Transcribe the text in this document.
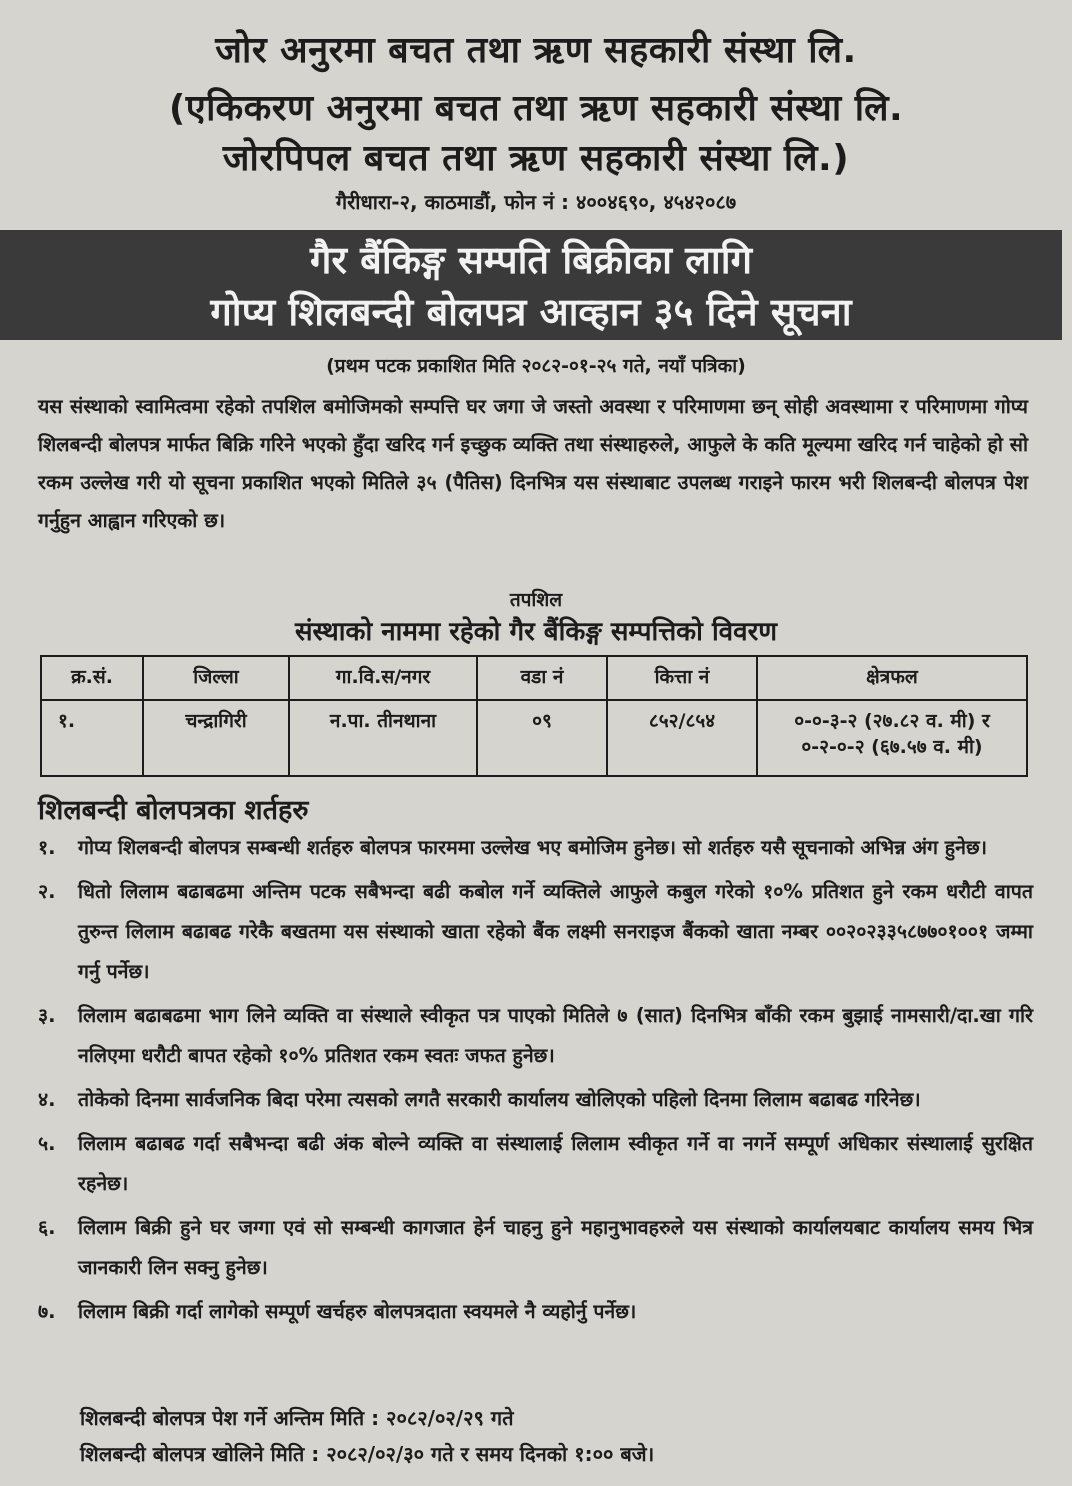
जोर अनुरमा बचत तथा ऋण सहकारी संस्था लि.
(एकिकरण अनुरमा बचत तथा ऋण सहकारी संस्था लि.
जोरपिपल बचत तथा ऋण सहकारी संस्था लि.)
गैरीधारा-२, काठमाडौं, फोन नं : ४००४६९०, ४५४२०८७
गैर बैंकिङ्ग सम्पति बिक्रीका लागि
गोप्य शिलबन्दी बोलपत्र आव्हान ३५ दिने सूचना
(प्रथम पटक प्रकाशित मिति २०८२-०१-२५ गते, नयाँ पत्रिका)
यस संस्थाको स्वामित्वमा रहेको तपशिल बमोजिमको सम्पत्ति घर जगा जे जस्तो अवस्था र परिमाणमा छन् सोही अवस्थामा र परिमाणमा गोप्य शिलबन्दी बोलपत्र मार्फत बिक्रि गरिने भएको हुँदा खरिद गर्न इच्छुक व्यक्ति तथा संस्थाहरुले, आफुले के कति मूल्यमा खरिद गर्न चाहेको हो सो रकम उल्लेख गरी यो सूचना प्रकाशित भएको मितिले ३५ (पैतिस) दिनभित्र यस संस्थाबाट उपलब्ध गराइने फारम भरी शिलबन्दी बोलपत्र पेश गर्नुहुन आह्वान गरिएको छ।
तपशिल
संस्थाको नाममा रहेको गैर बैंकिङ्ग सम्पत्तिको विवरण
क्र.सं.	जिल्ला	गा.वि.स/नगर	वडा नं	कित्ता नं	क्षेत्रफल
१.	चन्द्रागिरी	न.पा. तीनथाना	०९	८५२/८५४	०-०-३-२ (२७.८२ व. मी) र
०-२-०-२ (६७.५७ व. मी)
शिलबन्दी बोलपत्रका शर्तहरु
१.	गोप्य शिलबन्दी बोलपत्र सम्बन्धी शर्तहरु बोलपत्र फारममा उल्लेख भए बमोजिम हुनेछ। सो शर्तहरु यसै सूचनाको अभिन्न अंग हुनेछ।
२.	धितो लिलाम बढाबढमा अन्तिम पटक सबैभन्दा बढी कबोल गर्ने व्यक्तिले आफुले कबुल गरेको १०% प्रतिशत हुने रकम धरौटी वापत तुरुन्त लिलाम बढाबढ गरेकै बखतमा यस संस्थाको खाता रहेको बैंक लक्ष्मी सनराइज बैंकको खाता नम्बर ००२०२३३५८७७०१००१ जम्मा गर्नु पर्नेछ।
३.	लिलाम बढाबढमा भाग लिने व्यक्ति वा संस्थाले स्वीकृत पत्र पाएको मितिले ७ (सात) दिनभित्र बाँकी रकम बुझाई नामसारी/दा.खा गरि नलिएमा धरौटी बापत रहेको १०% प्रतिशत रकम स्वतः जफत हुनेछ।
४.	तोकेको दिनमा सार्वजनिक बिदा परेमा त्यसको लगतै सरकारी कार्यालय खोलिएको पहिलो दिनमा लिलाम बढाबढ गरिनेछ।
५.	लिलाम बढाबढ गर्दा सबैभन्दा बढी अंक बोल्ने व्यक्ति वा संस्थालाई लिलाम स्वीकृत गर्ने वा नगर्ने सम्पूर्ण अधिकार संस्थालाई सुरक्षित रहनेछ।
६.	लिलाम बिक्री हुने घर जग्गा एवं सो सम्बन्धी कागजात हेर्न चाहनु हुने महानुभावहरुले यस संस्थाको कार्यालयबाट कार्यालय समय भित्र जानकारी लिन सक्नु हुनेछ।
७.	लिलाम बिक्री गर्दा लागेको सम्पूर्ण खर्चहरु बोलपत्रदाता स्वयमले नै व्यहोर्नु पर्नेछ।
शिलबन्दी बोलपत्र पेश गर्ने अन्तिम मिति : २०८२/०२/२९ गते
शिलबन्दी बोलपत्र खोलिने मिति : २०८२/०२/३० गते र समय दिनको १:०० बजे।
